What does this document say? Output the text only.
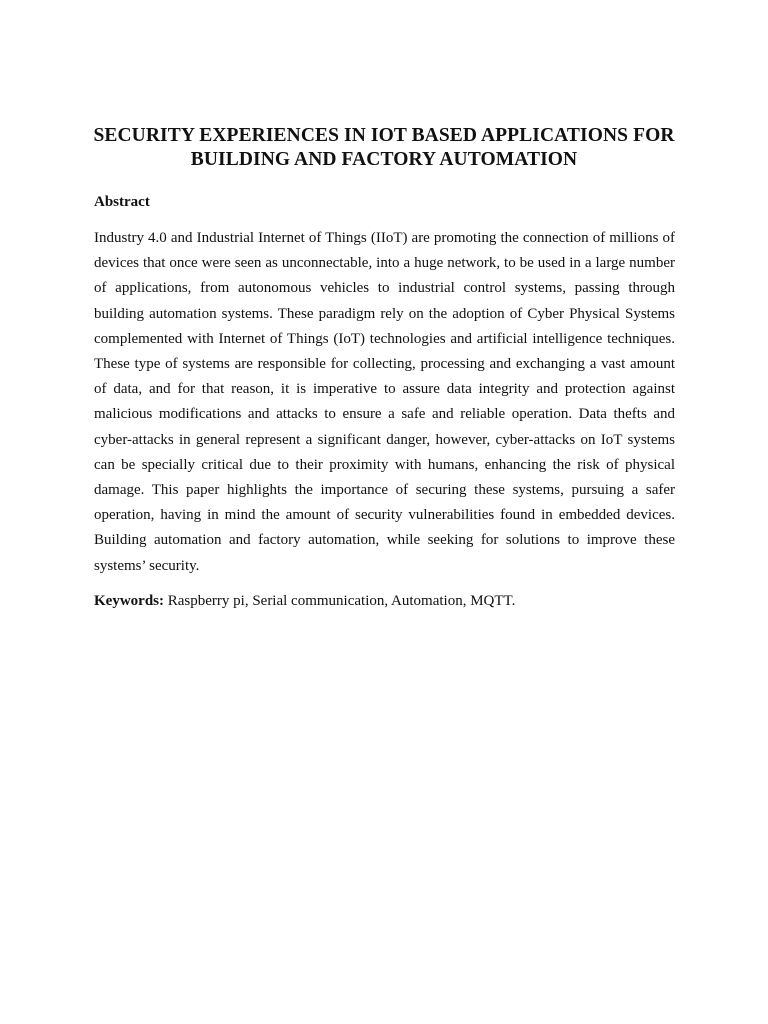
SECURITY EXPERIENCES IN IOT BASED APPLICATIONS FOR BUILDING AND FACTORY AUTOMATION
Abstract

Industry 4.0 and Industrial Internet of Things (IIoT) are promoting the connection of millions of devices that once were seen as unconnectable, into a huge network, to be used in a large number of applications, from autonomous vehicles to industrial control systems, passing through building automation systems. These paradigm rely on the adoption of Cyber Physical Systems complemented with Internet of Things (IoT) technologies and artificial intelligence techniques. These type of systems are responsible for collecting, processing and exchanging a vast amount of data, and for that reason, it is imperative to assure data integrity and protection against malicious modifications and attacks to ensure a safe and reliable operation. Data thefts and cyber-attacks in general represent a significant danger, however, cyber-attacks on IoT systems can be specially critical due to their proximity with humans, enhancing the risk of physical damage. This paper highlights the importance of securing these systems, pursuing a safer operation, having in mind the amount of security vulnerabilities found in embedded devices. Building automation and factory automation, while seeking for solutions to improve these systems’ security.

Keywords: Raspberry pi, Serial communication, Automation, MQTT.
